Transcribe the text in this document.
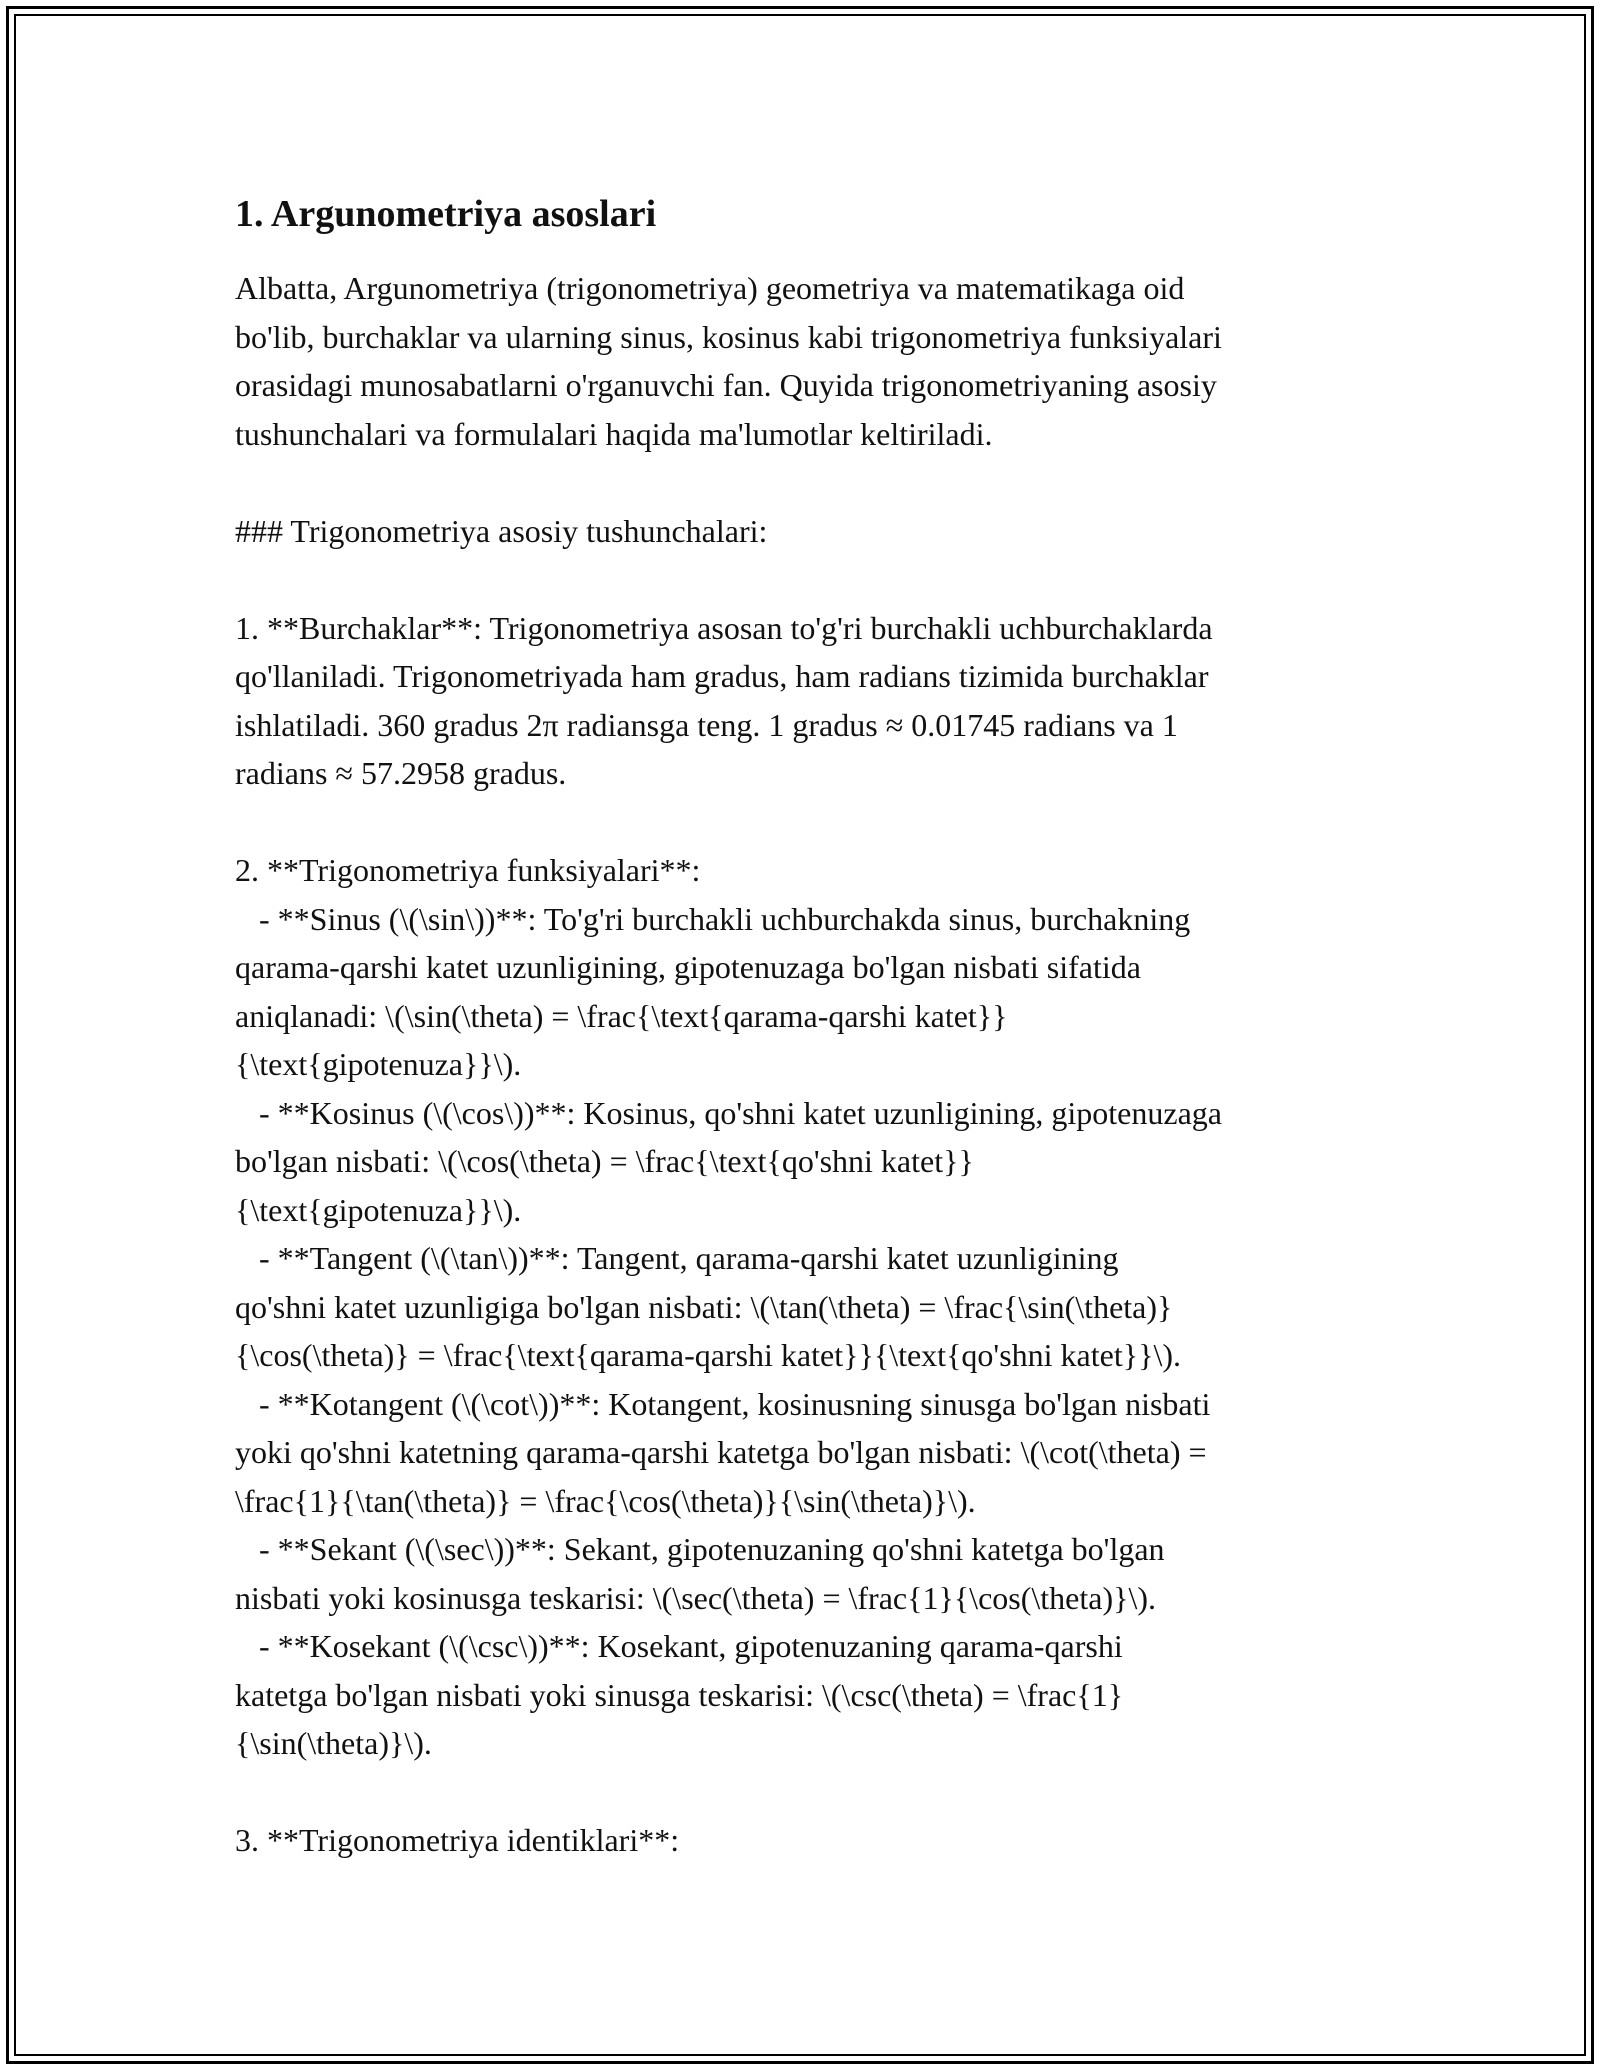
1. Argunometriya asoslari
Albatta, Argunometriya (trigonometriya) geometriya va matematikaga oid
bo'lib, burchaklar va ularning sinus, kosinus kabi trigonometriya funksiyalari
orasidagi munosabatlarni o'rganuvchi fan. Quyida trigonometriyaning asosiy
tushunchalari va formulalari haqida ma'lumotlar keltiriladi.
### Trigonometriya asosiy tushunchalari:
1. **Burchaklar**: Trigonometriya asosan to'g'ri burchakli uchburchaklarda
qo'llaniladi. Trigonometriyada ham gradus, ham radians tizimida burchaklar
ishlatiladi. 360 gradus 2π radiansga teng. 1 gradus ≈ 0.01745 radians va 1
radians ≈ 57.2958 gradus.
2. **Trigonometriya funksiyalari**:
- **Sinus (\(\sin\))**: To'g'ri burchakli uchburchakda sinus, burchakning
qarama-qarshi katet uzunligining, gipotenuzaga bo'lgan nisbati sifatida
aniqlanadi: \(\sin(\theta) = \frac{\text{qarama-qarshi katet}}
{\text{gipotenuza}}\).
- **Kosinus (\(\cos\))**: Kosinus, qo'shni katet uzunligining, gipotenuzaga
bo'lgan nisbati: \(\cos(\theta) = \frac{\text{qo'shni katet}}
{\text{gipotenuza}}\).
- **Tangent (\(\tan\))**: Tangent, qarama-qarshi katet uzunligining
qo'shni katet uzunligiga bo'lgan nisbati: \(\tan(\theta) = \frac{\sin(\theta)}
{\cos(\theta)} = \frac{\text{qarama-qarshi katet}}{\text{qo'shni katet}}\).
- **Kotangent (\(\cot\))**: Kotangent, kosinusning sinusga bo'lgan nisbati
yoki qo'shni katetning qarama-qarshi katetga bo'lgan nisbati: \(\cot(\theta) =
\frac{1}{\tan(\theta)} = \frac{\cos(\theta)}{\sin(\theta)}\).
- **Sekant (\(\sec\))**: Sekant, gipotenuzaning qo'shni katetga bo'lgan
nisbati yoki kosinusga teskarisi: \(\sec(\theta) = \frac{1}{\cos(\theta)}\).
- **Kosekant (\(\csc\))**: Kosekant, gipotenuzaning qarama-qarshi
katetga bo'lgan nisbati yoki sinusga teskarisi: \(\csc(\theta) = \frac{1}
{\sin(\theta)}\).
3. **Trigonometriya identiklari**:
